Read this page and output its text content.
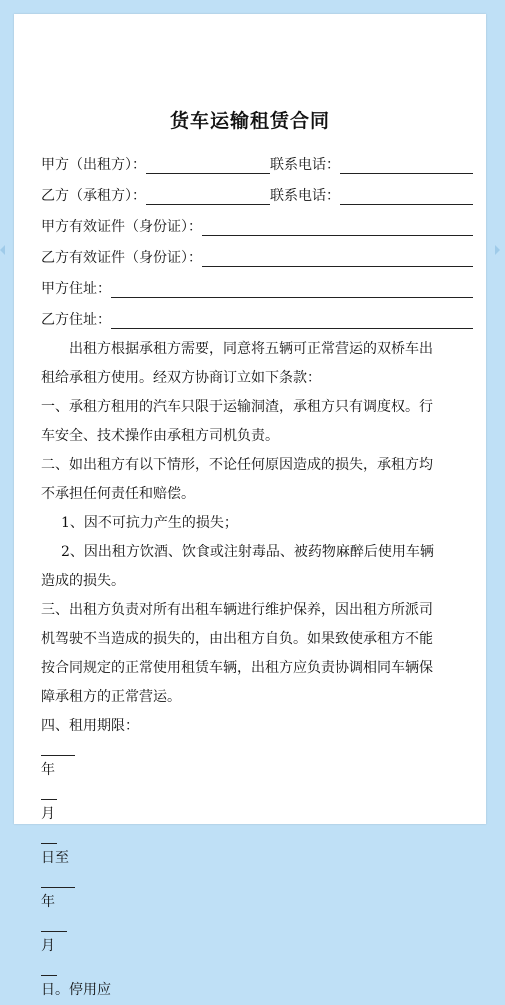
货车运输租赁合同
甲方（出租方）：	联系电话：
乙方（承租方）：	联系电话：
甲方有效证件（身份证）：
乙方有效证件（身份证）：
甲方住址：
乙方住址：
出租方根据承租方需要，同意将五辆可正常营运的双桥车出
租给承租方使用。经双方协商订立如下条款：
一、承租方租用的汽车只限于运输洞渣，承租方只有调度权。行
车安全、技术操作由承租方司机负责。
二、如出租方有以下情形，不论任何原因造成的损失，承租方均
不承担任何责任和赔偿。
1、因不可抗力产生的损失；
2、因出租方饮酒、饮食或注射毒品、被药物麻醉后使用车辆
造成的损失。
三、出租方负责对所有出租车辆进行维护保养，因出租方所派司
机驾驶不当造成的损失的，由出租方自负。如果致使承租方不能
按合同规定的正常使用租赁车辆，出租方应负责协调相同车辆保
障承租方的正常营运。
四、租用期限：
年
月
日至
年
月
日。停用应
